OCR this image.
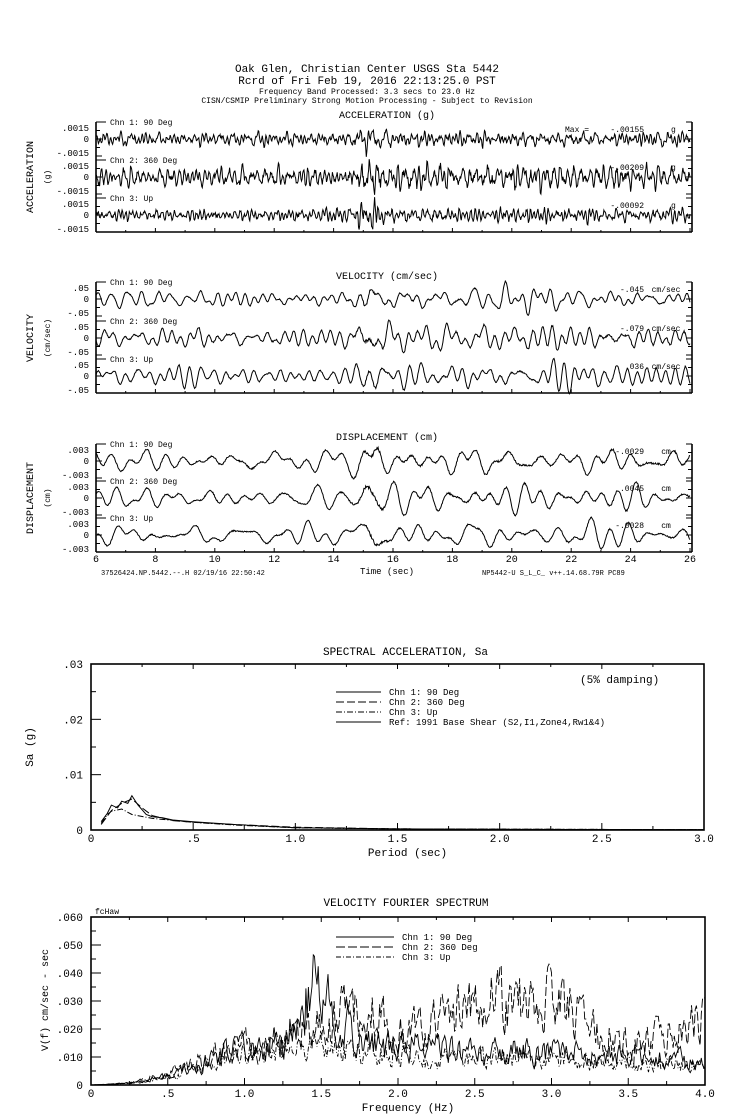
Oak Glen, Christian Center USGS Sta 5442
Rcrd of Fri Feb 19, 2016 22:13:25.0 PST
Frequency Band Processed: 3.3 secs to 23.0 Hz
CISN/CSMIP Preliminary Strong Motion Processing - Subject to Revision
ACCELERATION (g)
ACCELERATION (g)
.0015
0
-.0015
Chn 1: 90 Deg
Max =	-.00155	g
.0015
0
-.0015
Chn 2: 360 Deg
-.00209	g
.0015
0
-.0015
Chn 3: Up
-.00092	g
VELOCITY (cm/sec)
VELOCITY (cm/sec)
.05
0
-.05
Chn 1: 90 Deg
-.045 cm/sec
.05
0
-.05
Chn 2: 360 Deg
-.079 cm/sec
.05
0
-.05
Chn 3: Up
.036 cm/sec
DISPLACEMENT (cm)
DISPLACEMENT (cm)
.003
0
-.003
Chn 1: 90 Deg
-.0029 cm
.003
0
-.003
Chn 2: 360 Deg
.0045 cm
.003
0
-.003
Chn 3: Up
-.0028 cm
6	8	10	12	14	16	18	20	22	24	26
Time (sec)
37526424.NP.5442.--.H 02/19/16 22:50:42	NP5442-U S_L_C_ v++.14.68.79R PC89
SPECTRAL ACCELERATION, Sa
0	.5	1.0	1.5	2.0	2.5	3.0
.03
.02
.01
0
Period (sec)
Sa (g)
(5% damping)
Chn 1: 90 Deg
Chn 2: 360 Deg
Chn 3: Up
Ref: 1991 Base Shear (S2,I1,Zone4,Rw1&4)
VELOCITY FOURIER SPECTRUM
0	.5	1.0	1.5	2.0	2.5	3.0	3.5	4.0
.060
.050
.040
.030
.020
.010
0
Frequency (Hz)
V(f) cm/sec - sec
fcHaw
Chn 1: 90 Deg
Chn 2: 360 Deg
Chn 3: Up
